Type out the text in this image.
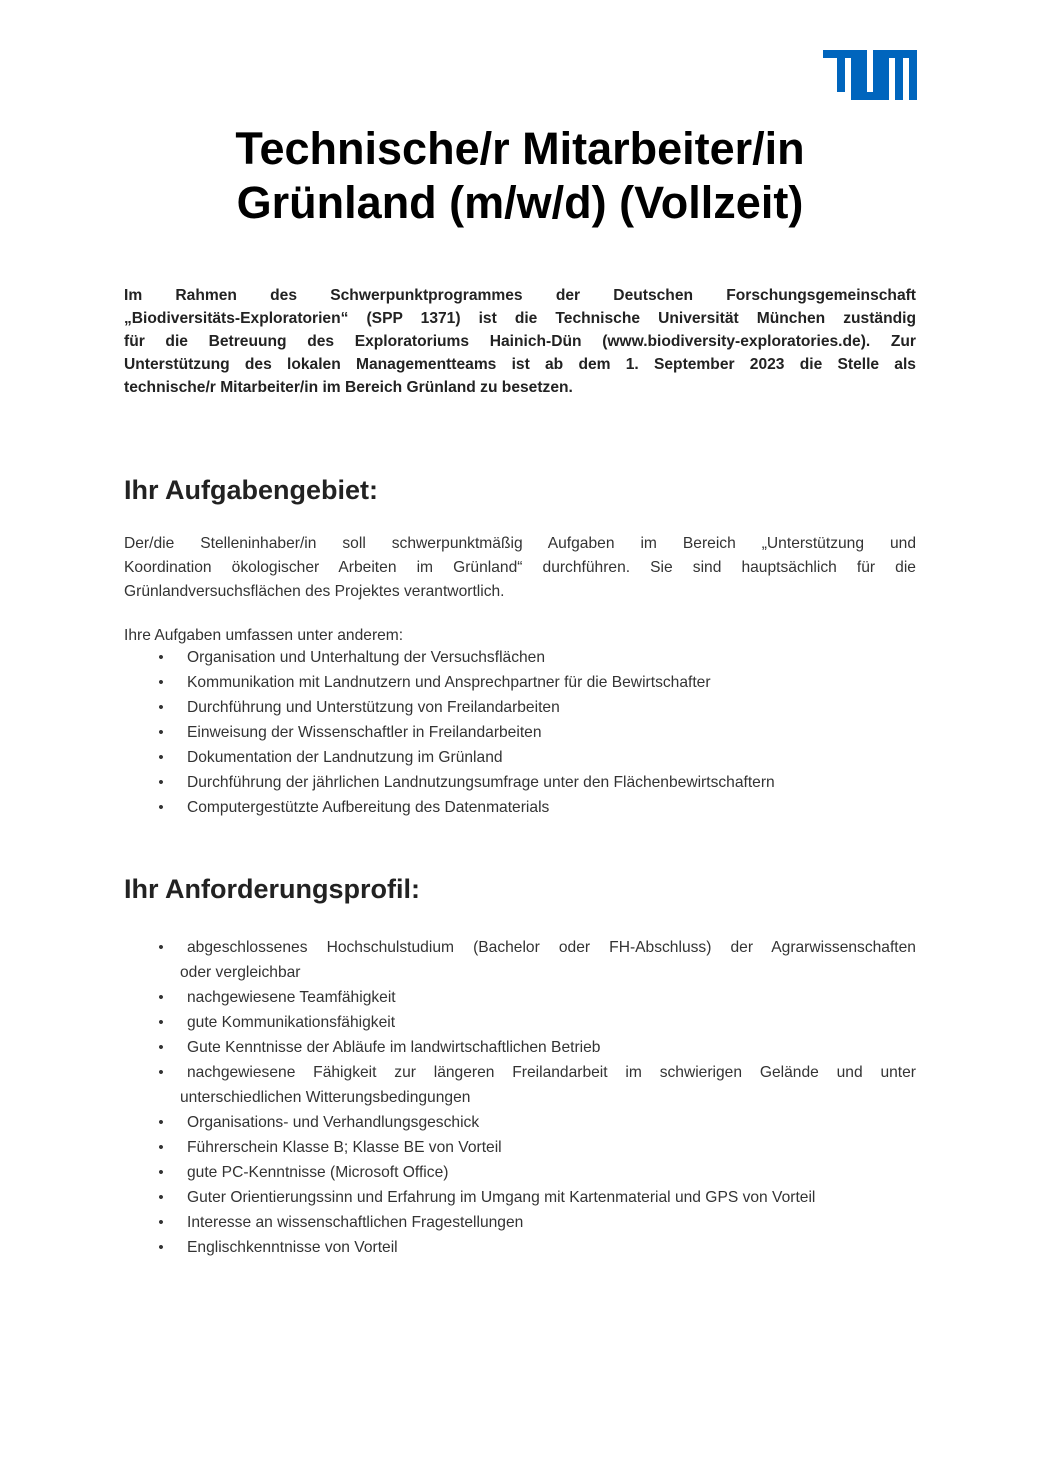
Technische/r Mitarbeiter/in
Grünland (m/w/d) (Vollzeit)

Im Rahmen des Schwerpunktprogrammes der Deutschen Forschungsgemeinschaft
„Biodiversitäts-Exploratorien“ (SPP 1371) ist die Technische Universität München zuständig
für die Betreuung des Exploratoriums Hainich-Dün (www.biodiversity-exploratories.de). Zur
Unterstützung des lokalen Managementteams ist ab dem 1. September 2023 die Stelle als
technische/r Mitarbeiter/in im Bereich Grünland zu besetzen.

Ihr Aufgabengebiet:

Der/die Stelleninhaber/in soll schwerpunktmäßig Aufgaben im Bereich „Unterstützung und
Koordination ökologischer Arbeiten im Grünland“ durchführen. Sie sind hauptsächlich für die
Grünlandversuchsflächen des Projektes verantwortlich.

Ihre Aufgaben umfassen unter anderem:

• Organisation und Unterhaltung der Versuchsflächen
• Kommunikation mit Landnutzern und Ansprechpartner für die Bewirtschafter
• Durchführung und Unterstützung von Freilandarbeiten
• Einweisung der Wissenschaftler in Freilandarbeiten
• Dokumentation der Landnutzung im Grünland
• Durchführung der jährlichen Landnutzungsumfrage unter den Flächenbewirtschaftern
• Computergestützte Aufbereitung des Datenmaterials
Ihr Anforderungsprofil:
• abgeschlossenes Hochschulstudium (Bachelor oder FH-Abschluss) der Agrarwissenschaften
oder vergleichbar
• nachgewiesene Teamfähigkeit
• gute Kommunikationsfähigkeit
• Gute Kenntnisse der Abläufe im landwirtschaftlichen Betrieb
• nachgewiesene Fähigkeit zur längeren Freilandarbeit im schwierigen Gelände und unter
unterschiedlichen Witterungsbedingungen
• Organisations- und Verhandlungsgeschick
• Führerschein Klasse B; Klasse BE von Vorteil
• gute PC-Kenntnisse (Microsoft Office)
• Guter Orientierungssinn und Erfahrung im Umgang mit Kartenmaterial und GPS von Vorteil
• Interesse an wissenschaftlichen Fragestellungen
• Englischkenntnisse von Vorteil
